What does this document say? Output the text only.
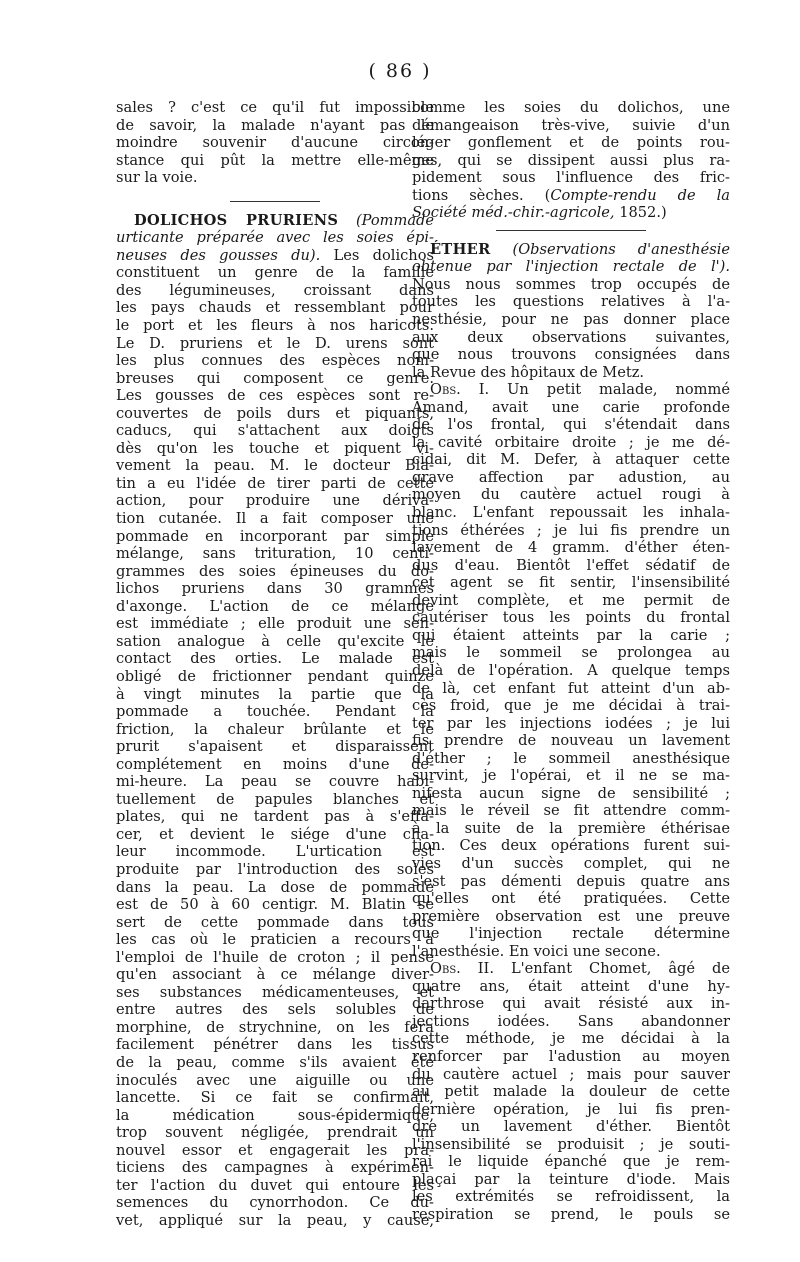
( 86 )
sales ? c'est ce qu'il fut impossible
de savoir, la malade n'ayant pas le
moindre souvenir d'aucune circon-
stance qui pût la mettre elle-même
sur la voie.
DOLICHOS PRURIENS (Pommade
urticante préparée avec les soies épi-
neuses des gousses du). Les dolichos
constituent un genre de la famille
des légumineuses, croissant dans
les pays chauds et ressemblant pour
le port et les fleurs à nos haricots.
Le D. pruriens et le D. urens sont
les plus connues des espèces nom-
breuses qui composent ce genre.
Les gousses de ces espèces sont re-
couvertes de poils durs et piquants,
caducs, qui s'attachent aux doigts
dès qu'on les touche et piquent vi-
vement la peau. M. le docteur Bla-
tin a eu l'idée de tirer parti de cette
action, pour produire une dériva-
tion cutanée. Il a fait composer une
pommade en incorporant par simple
mélange, sans trituration, 10 centi-
grammes des soies épineuses du do-
lichos pruriens dans 30 grammes
d'axonge. L'action de ce mélange
est immédiate ; elle produit une sen-
sation analogue à celle qu'excite le
contact des orties. Le malade est
obligé de frictionner pendant quinze
à vingt minutes la partie que la
pommade a touchée. Pendant la
friction, la chaleur brûlante et le
prurit s'apaisent et disparaissent
complétement en moins d'une de-
mi-heure. La peau se couvre habi-
tuellement de papules blanches et
plates, qui ne tardent pas à s'effa-
cer, et devient le siége d'une cha-
leur incommode. L'urtication est
produite par l'introduction des soies
dans la peau. La dose de pommade
est de 50 à 60 centigr. M. Blatin se
sert de cette pommade dans tous
les cas où le praticien a recours à
l'emploi de l'huile de croton ; il pense
qu'en associant à ce mélange diver-
ses substances médicamenteuses, et
entre autres des sels solubles de
morphine, de strychnine, on les fera
facilement pénétrer dans les tissus
de la peau, comme s'ils avaient été
inoculés avec une aiguille ou une
lancette. Si ce fait se confirmait,
la médication sous-épidermique,
trop souvent négligée, prendrait un
nouvel essor et engagerait les pra-
ticiens des campagnes à expérimen-
ter l'action du duvet qui entoure les
semences du cynorrhodon. Ce du-
vet, appliqué sur la peau, y cause,
comme les soies du dolichos, une
démangeaison très-vive, suivie d'un
léger gonflement et de points rou-
ges, qui se dissipent aussi plus ra-
pidement sous l'influence des fric-
tions sèches. (Compte-rendu de la
Société méd.-chir.-agricole, 1852.)
ÉTHER (Observations d'anesthésie
obtenue par l'injection rectale de l').
Nous nous sommes trop occupés de
toutes les questions relatives à l'a-
nesthésie, pour ne pas donner place
aux deux observations suivantes,
que nous trouvons consignées dans
la Revue des hôpitaux de Metz.
Obs. I. Un petit malade, nommé
Amand, avait une carie profonde
de l'os frontal, qui s'étendait dans
la cavité orbitaire droite ; je me dé-
cidai, dit M. Defer, à attaquer cette
grave affection par adustion, au
moyen du cautère actuel rougi à
blanc. L'enfant repoussait les inhala-
tions éthérées ; je lui fis prendre un
lavement de 4 gramm. d'éther éten-
dus d'eau. Bientôt l'effet sédatif de
cet agent se fit sentir, l'insensibilité
devint complète, et me permit de
cautériser tous les points du frontal
qui étaient atteints par la carie ;
mais le sommeil se prolongea au
delà de l'opération. A quelque temps
de là, cet enfant fut atteint d'un ab-
cès froid, que je me décidai à trai-
ter par les injections iodées ; je lui
fis prendre de nouveau un lavement
d'éther ; le sommeil anesthésique
survint, je l'opérai, et il ne se ma-
nifesta aucun signe de sensibilité ;
mais le réveil se fit attendre comm-
à la suite de la première éthérisae
tion. Ces deux opérations furent sui-
vies d'un succès complet, qui ne
s'est pas démenti depuis quatre ans
qu'elles ont été pratiquées. Cette
première observation est une preuve
que l'injection rectale détermine
l'anesthésie. En voici une secone.
Obs. II. L'enfant Chomet, âgé de
quatre ans, était atteint d'une hy-
darthrose qui avait résisté aux in-
jections iodées. Sans abandonner
cette méthode, je me décidai à la
renforcer par l'adustion au moyen
du cautère actuel ; mais pour sauver
au petit malade la douleur de cette
dernière opération, je lui fis pren-
dre un lavement d'éther. Bientôt
l'insensibilité se produisit ; je souti-
rai le liquide épanché que je rem-
plaçai par la teinture d'iode. Mais
les extrémités se refroidissent, la
respiration se prend, le pouls se
